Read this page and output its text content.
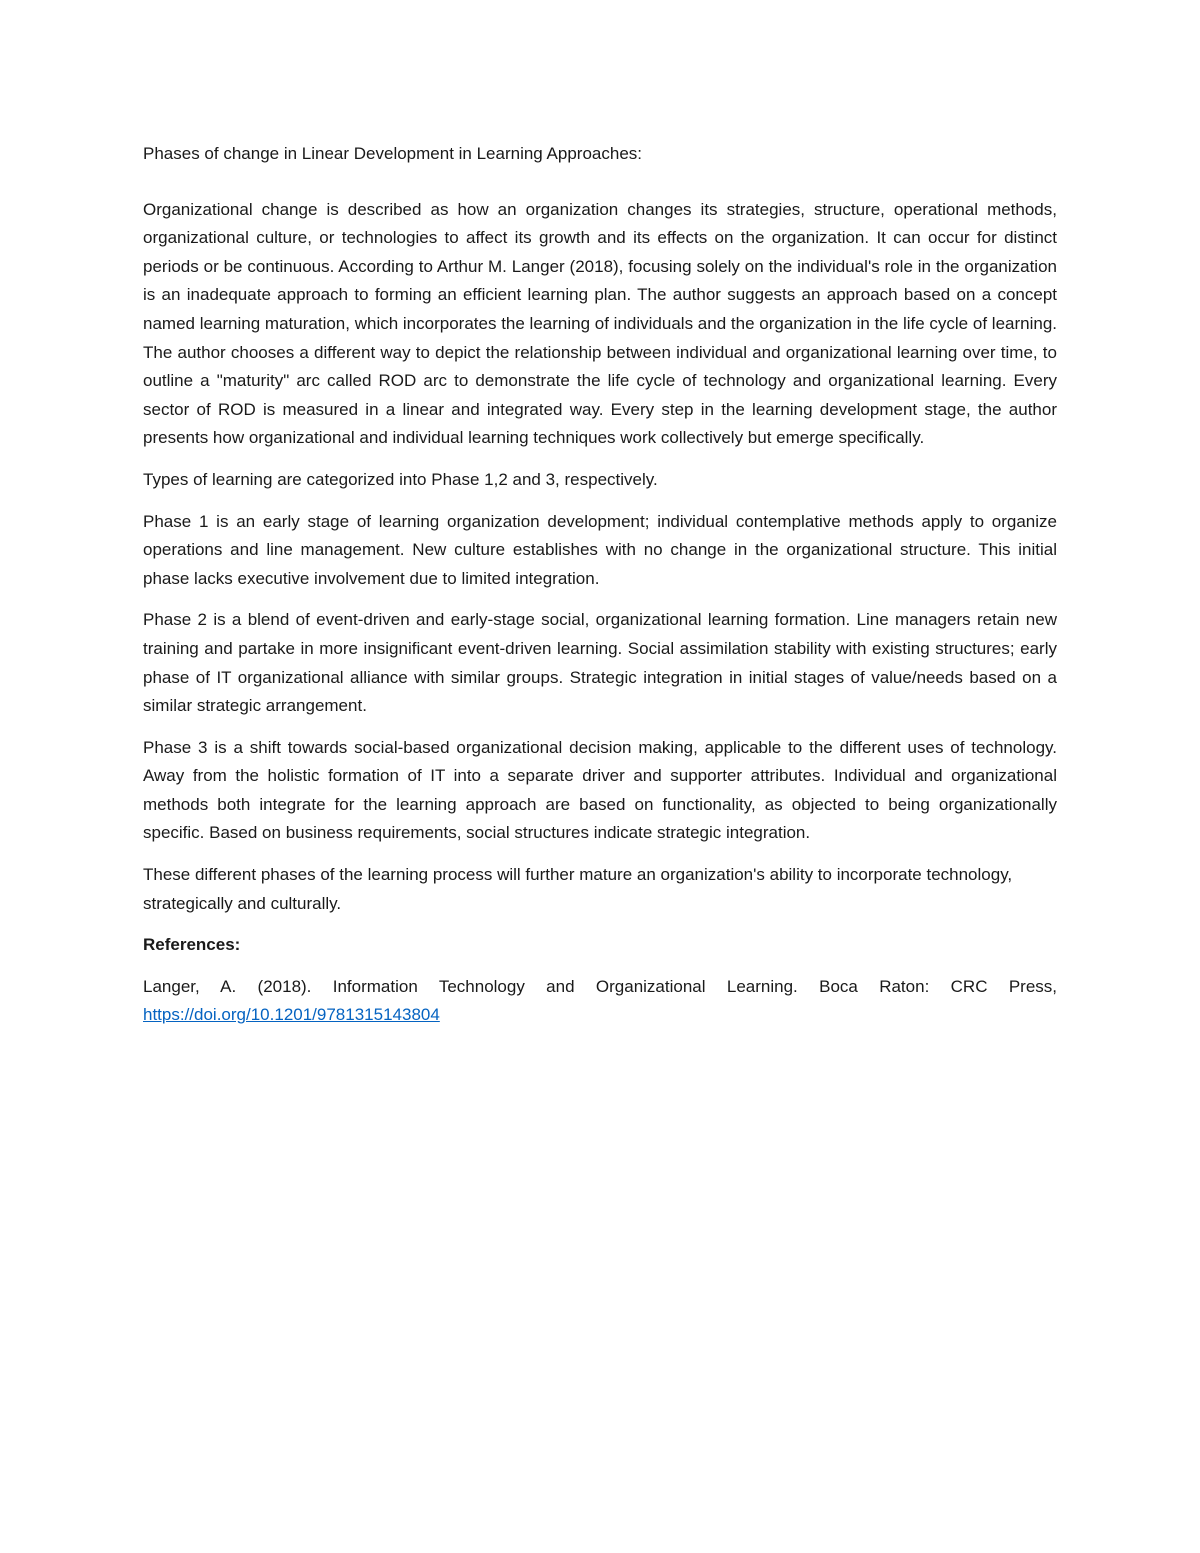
Phases of change in Linear Development in Learning Approaches:

Organizational change is described as how an organization changes its strategies, structure, operational methods, organizational culture, or technologies to affect its growth and its effects on the organization. It can occur for distinct periods or be continuous. According to Arthur M. Langer (2018), focusing solely on the individual's role in the organization is an inadequate approach to forming an efficient learning plan. The author suggests an approach based on a concept named learning maturation, which incorporates the learning of individuals and the organization in the life cycle of learning. The author chooses a different way to depict the relationship between individual and organizational learning over time, to outline a "maturity" arc called ROD arc to demonstrate the life cycle of technology and organizational learning. Every sector of ROD is measured in a linear and integrated way. Every step in the learning development stage, the author presents how organizational and individual learning techniques work collectively but emerge specifically.

Types of learning are categorized into Phase 1,2 and 3, respectively.

Phase 1 is an early stage of learning organization development; individual contemplative methods apply to organize operations and line management. New culture establishes with no change in the organizational structure. This initial phase lacks executive involvement due to limited integration.

Phase 2 is a blend of event-driven and early-stage social, organizational learning formation. Line managers retain new training and partake in more insignificant event-driven learning. Social assimilation stability with existing structures; early phase of IT organizational alliance with similar groups. Strategic integration in initial stages of value/needs based on a similar strategic arrangement.

Phase 3 is a shift towards social-based organizational decision making, applicable to the different uses of technology. Away from the holistic formation of IT into a separate driver and supporter attributes. Individual and organizational methods both integrate for the learning approach are based on functionality, as objected to being organizationally specific. Based on business requirements, social structures indicate strategic integration.

These different phases of the learning process will further mature an organization's ability to incorporate technology, strategically and culturally.

References:

Langer, A. (2018). Information Technology and Organizational Learning. Boca Raton: CRC Press, https://doi.org/10.1201/9781315143804
